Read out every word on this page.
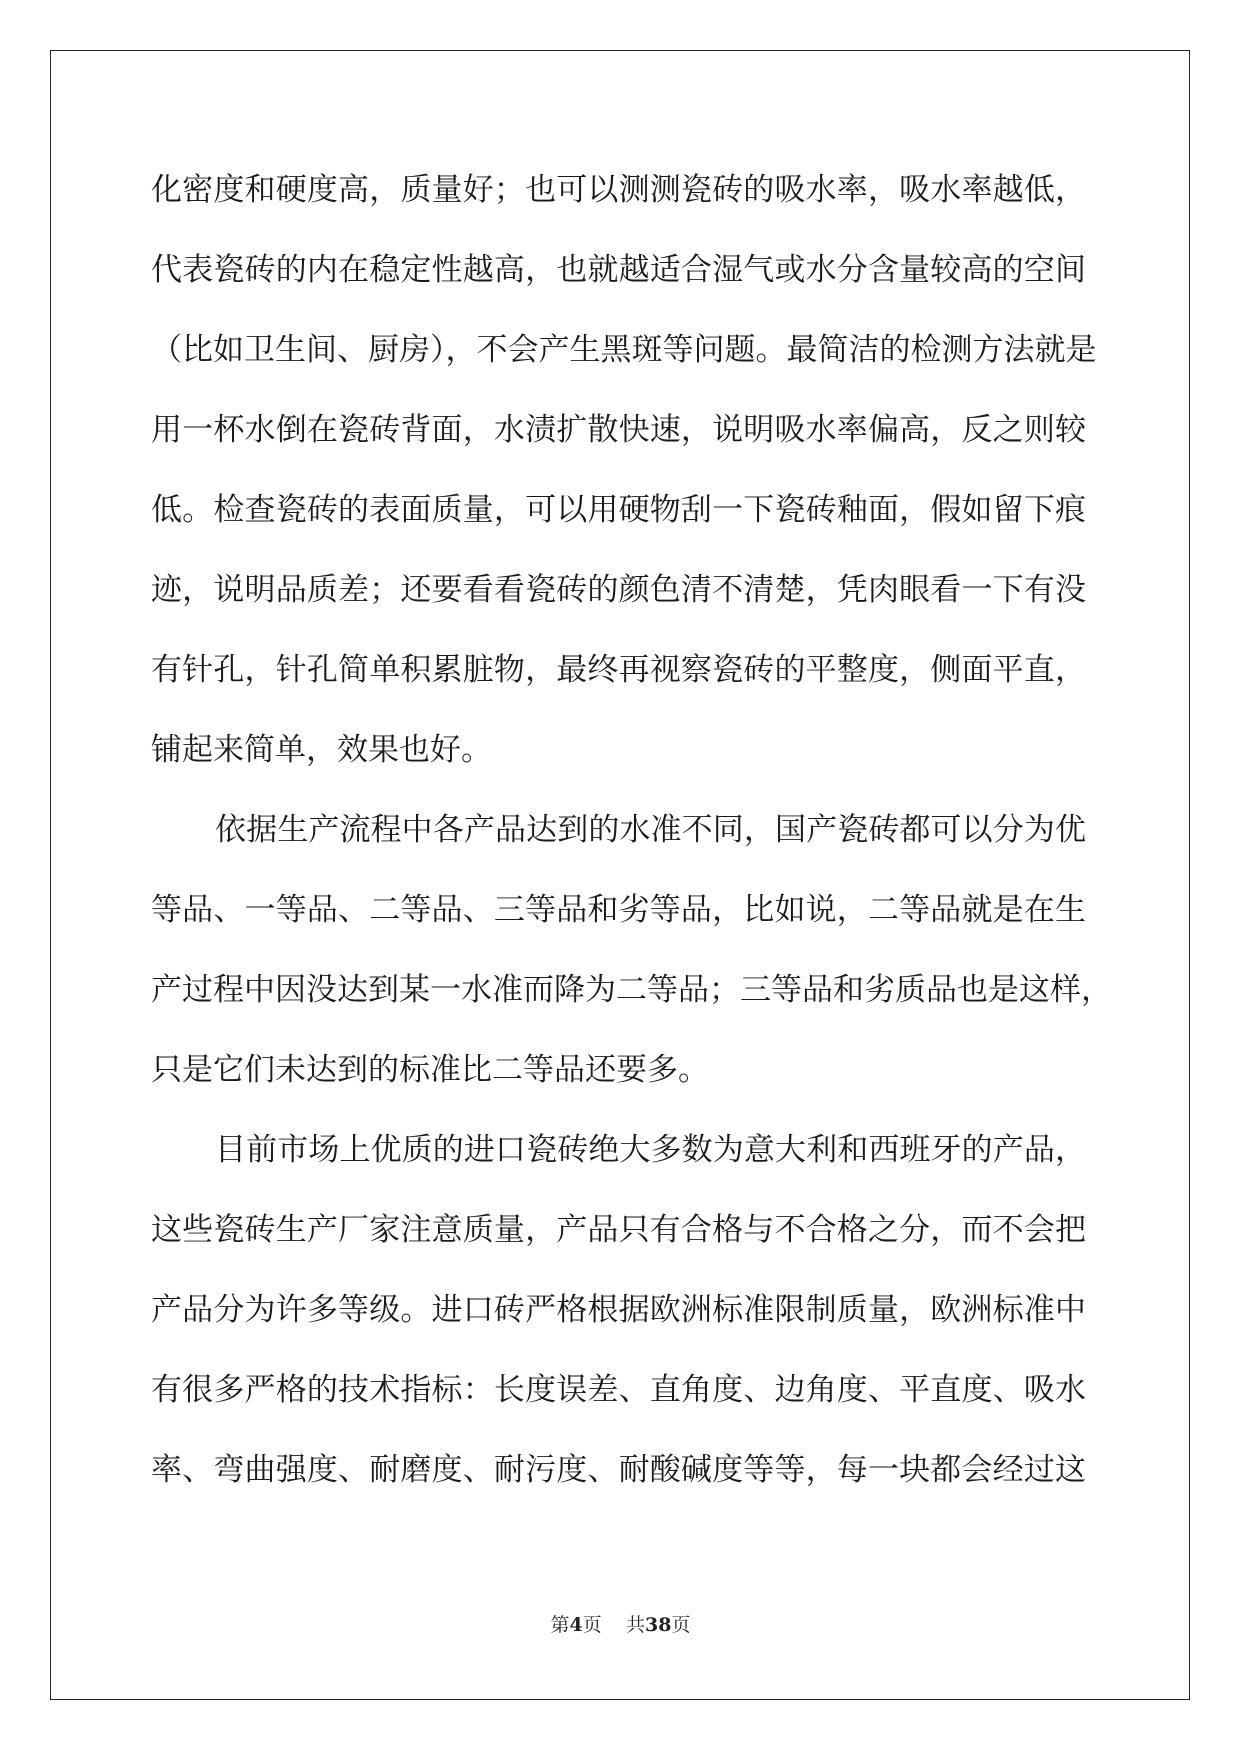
化密度和硬度高，质量好；也可以测测瓷砖的吸水率，吸水率越低，
代表瓷砖的内在稳定性越高，也就越适合湿气或水分含量较高的空间
（比如卫生间、厨房），不会产生黑斑等问题。最简洁的检测方法就是
用一杯水倒在瓷砖背面，水渍扩散快速，说明吸水率偏高，反之则较
低。检查瓷砖的表面质量，可以用硬物刮一下瓷砖釉面，假如留下痕
迹，说明品质差；还要看看瓷砖的颜色清不清楚，凭肉眼看一下有没
有针孔，针孔简单积累脏物，最终再视察瓷砖的平整度，侧面平直，
铺起来简单，效果也好。
依据生产流程中各产品达到的水准不同，国产瓷砖都可以分为优
等品、一等品、二等品、三等品和劣等品，比如说，二等品就是在生
产过程中因没达到某一水准而降为二等品；三等品和劣质品也是这样，
只是它们未达到的标准比二等品还要多。
目前市场上优质的进口瓷砖绝大多数为意大利和西班牙的产品，
这些瓷砖生产厂家注意质量，产品只有合格与不合格之分，而不会把
产品分为许多等级。进口砖严格根据欧洲标准限制质量，欧洲标准中
有很多严格的技术指标：长度误差、直角度、边角度、平直度、吸水
率、弯曲强度、耐磨度、耐污度、耐酸碱度等等，每一块都会经过这
第4页 共38页
